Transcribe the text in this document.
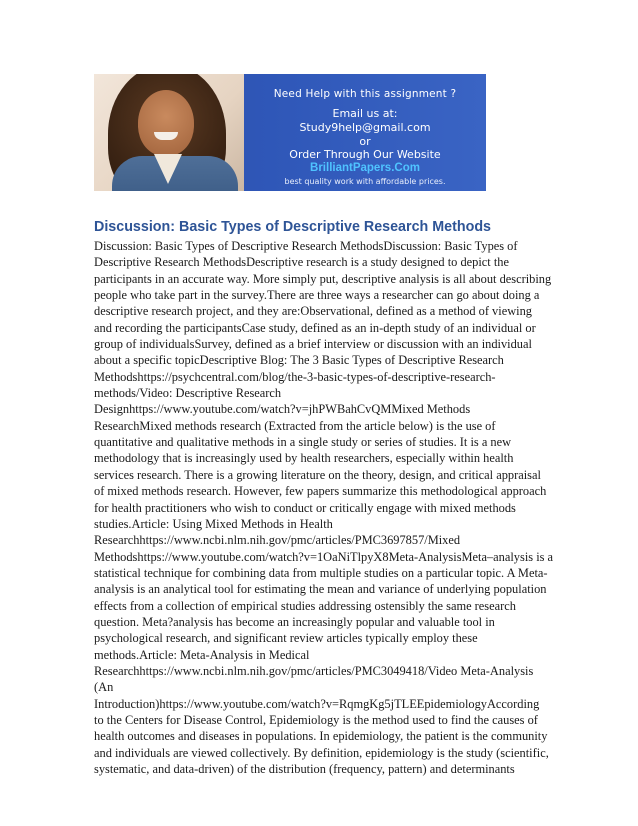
Need Help with this assignment ?
Email us at:
Study9help@gmail.com
or
Order Through Our Website
BrilliantPapers.Com
best quality work with affordable prices.
Discussion: Basic Types of Descriptive Research Methods
Discussion: Basic Types of Descriptive Research MethodsDiscussion: Basic Types of
Descriptive Research MethodsDescriptive research is a study designed to depict the
participants in an accurate way. More simply put, descriptive analysis is all about describing
people who take part in the survey.There are three ways a researcher can go about doing a
descriptive research project, and they are:Observational, defined as a method of viewing
and recording the participantsCase study, defined as an in-depth study of an individual or
group of individualsSurvey, defined as a brief interview or discussion with an individual
about a specific topicDescriptive Blog: The 3 Basic Types of Descriptive Research
Methodshttps://psychcentral.com/blog/the-3-basic-types-of-descriptive-research-
methods/Video: Descriptive Research
Designhttps://www.youtube.com/watch?v=jhPWBahCvQMMixed Methods
ResearchMixed methods research (Extracted from the article below) is the use of
quantitative and qualitative methods in a single study or series of studies. It is a new
methodology that is increasingly used by health researchers, especially within health
services research. There is a growing literature on the theory, design, and critical appraisal
of mixed methods research. However, few papers summarize this methodological approach
for health practitioners who wish to conduct or critically engage with mixed methods
studies.Article: Using Mixed Methods in Health
Researchhttps://www.ncbi.nlm.nih.gov/pmc/articles/PMC3697857/Mixed
Methodshttps://www.youtube.com/watch?v=1OaNiTlpyX8Meta-AnalysisMeta–analysis is a
statistical technique for combining data from multiple studies on a particular topic. A Meta-
analysis is an analytical tool for estimating the mean and variance of underlying population
effects from a collection of empirical studies addressing ostensibly the same research
question. Meta?analysis has become an increasingly popular and valuable tool in
psychological research, and significant review articles typically employ these
methods.Article: Meta-Analysis in Medical
Researchhttps://www.ncbi.nlm.nih.gov/pmc/articles/PMC3049418/Video Meta-Analysis
(An
Introduction)https://www.youtube.com/watch?v=RqmgKg5jTLEEpidemiologyAccording
to the Centers for Disease Control, Epidemiology is the method used to find the causes of
health outcomes and diseases in populations. In epidemiology, the patient is the community
and individuals are viewed collectively. By definition, epidemiology is the study (scientific,
systematic, and data-driven) of the distribution (frequency, pattern) and determinants
